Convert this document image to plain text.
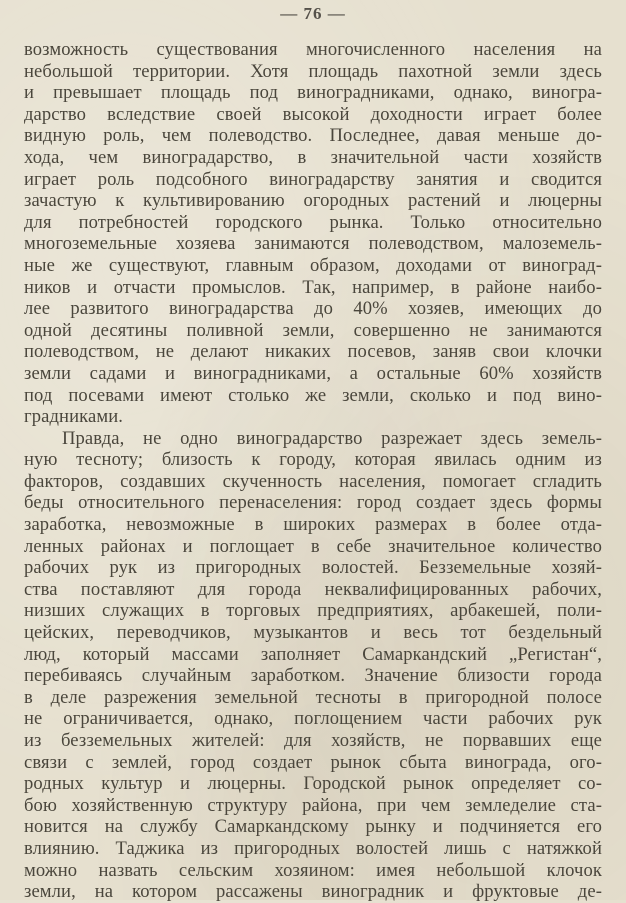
— 76 —
возможность существования многочисленного населения на
небольшой территории. Хотя площадь пахотной земли здесь
и превышает площадь под виноградниками, однако, виногра-
дарство вследствие своей высокой доходности играет более
видную роль, чем полеводство. Последнее, давая меньше до-
хода, чем виноградарство, в значительной части хозяйств
играет роль подсобного виноградарству занятия и сводится
зачастую к культивированию огородных растений и люцерны
для потребностей городского рынка. Только относительно
многоземельные хозяева занимаются полеводством, малоземель-
ные же существуют, главным образом, доходами от виноград-
ников и отчасти промыслов. Так, например, в районе наибо-
лее развитого виноградарства до 40% хозяев, имеющих до
одной десятины поливной земли, совершенно не занимаются
полеводством, не делают никаких посевов, заняв свои клочки
земли садами и виноградниками, а остальные 60% хозяйств
под посевами имеют столько же земли, сколько и под вино-
градниками.
Правда, не одно виноградарство разрежает здесь земель-
ную тесноту; близость к городу, которая явилась одним из
факторов, создавших скученность населения, помогает сгладить
беды относительного перенаселения: город создает здесь формы
заработка, невозможные в широких размерах в более отда-
ленных районах и поглощает в себе значительное количество
рабочих рук из пригородных волостей. Безземельные хозяй-
ства поставляют для города неквалифицированных рабочих,
низших служащих в торговых предприятиях, арбакешей, поли-
цейских, переводчиков, музыкантов и весь тот бездельный
люд, который массами заполняет Самаркандский „Регистан“,
перебиваясь случайным заработком. Значение близости города
в деле разрежения земельной тесноты в пригородной полосе
не ограничивается, однако, поглощением части рабочих рук
из безземельных жителей: для хозяйств, не порвавших еще
связи с землей, город создает рынок сбыта винограда, ого-
родных культур и люцерны. Городской рынок определяет со-
бою хозяйственную структуру района, при чем земледелие ста-
новится на службу Самаркандскому рынку и подчиняется его
влиянию. Таджика из пригородных волостей лишь с натяжкой
можно назвать сельским хозяином: имея небольшой клочок
земли, на котором рассажены виноградник и фруктовые де-
